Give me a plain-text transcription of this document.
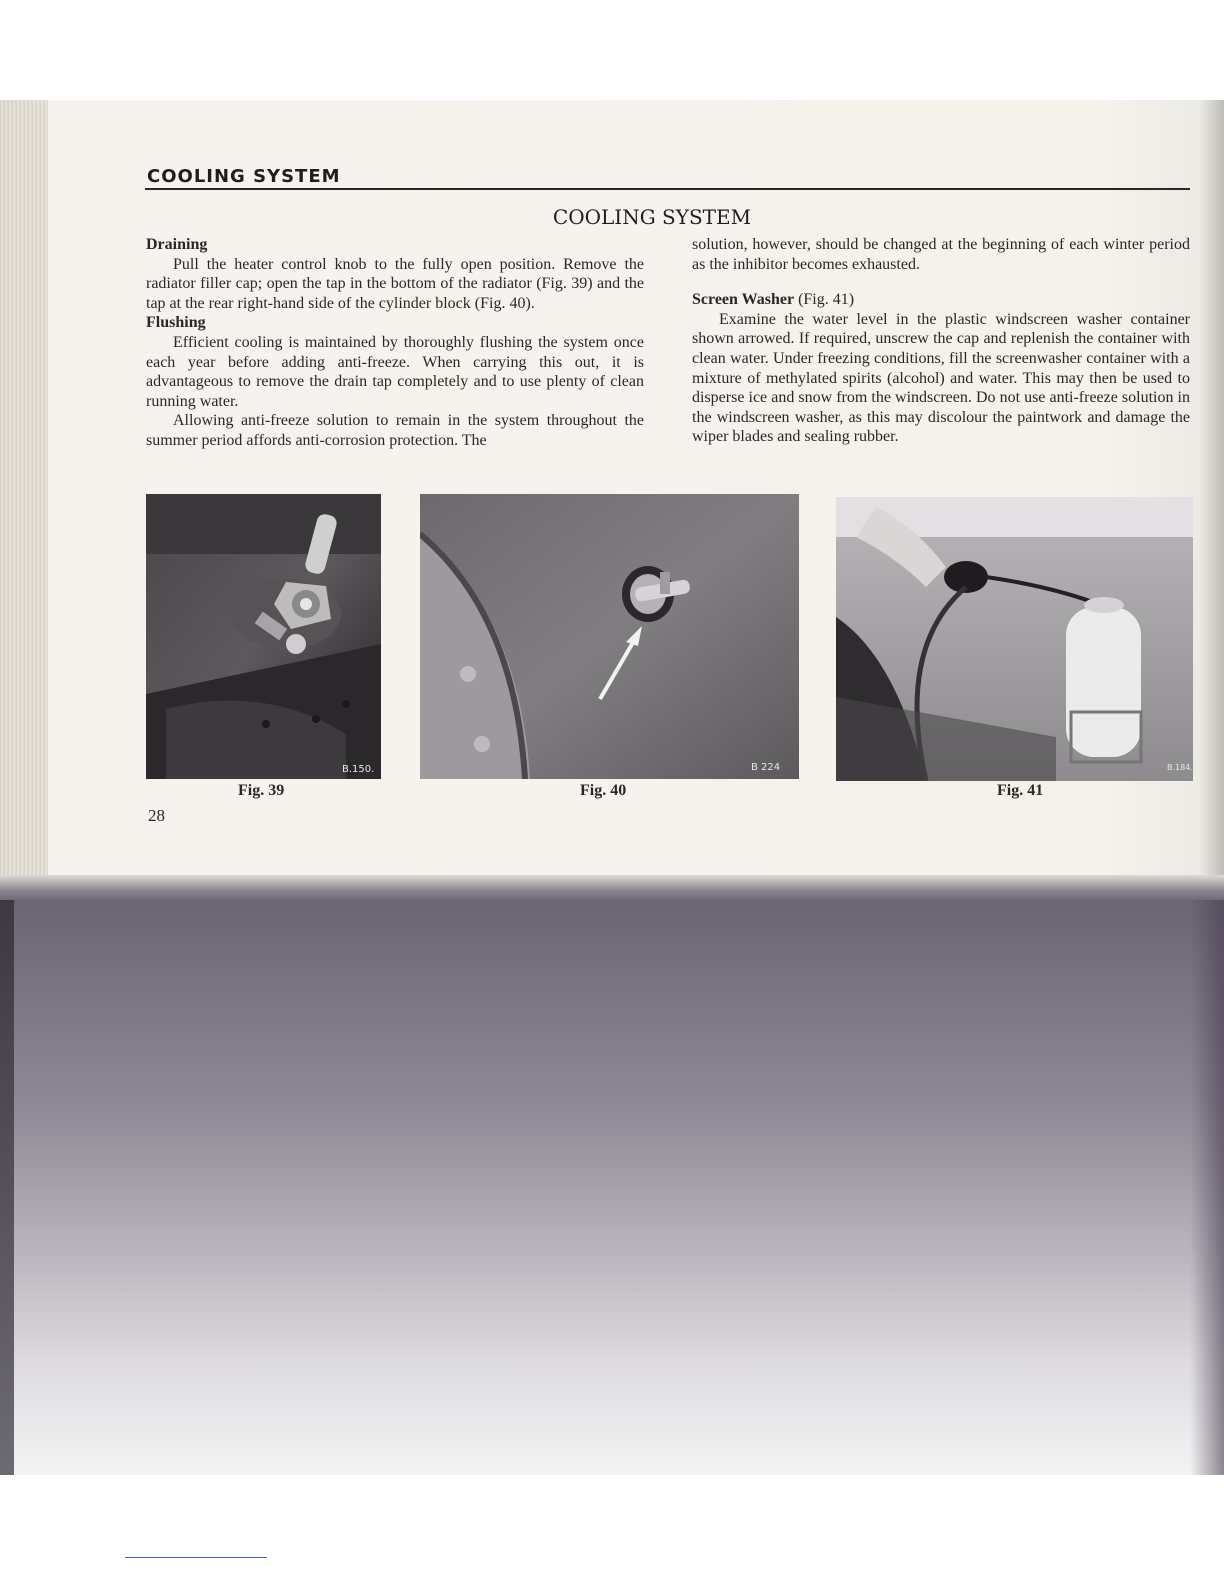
COOLING SYSTEM
COOLING SYSTEM
Draining

Pull the heater control knob to the fully open position. Remove the radiator filler cap; open the tap in the bottom of the radiator (Fig. 39) and the tap at the rear right-hand side of the cylinder block (Fig. 40).

Flushing

Efficient cooling is maintained by thoroughly flushing the system once each year before adding anti-freeze. When carrying this out, it is advantageous to remove the drain tap completely and to use plenty of clean running water.

Allowing anti-freeze solution to remain in the system throughout the summer period affords anti-corrosion protection. The

solution, however, should be changed at the beginning of each winter period as the inhibitor becomes exhausted.

Screen Washer (Fig. 41)

Examine the water level in the plastic windscreen washer container shown arrowed. If required, unscrew the cap and replenish the container with clean water. Under freezing conditions, fill the screenwasher container with a mixture of methylated spirits (alcohol) and water. This may then be used to disperse ice and snow from the windscreen. Do not use anti-freeze solution in the windscreen washer, as this may discolour the paintwork and damage the wiper blades and sealing rubber.

B.150.	B 224	B.184.
Fig. 39	Fig. 40	Fig. 41
28
